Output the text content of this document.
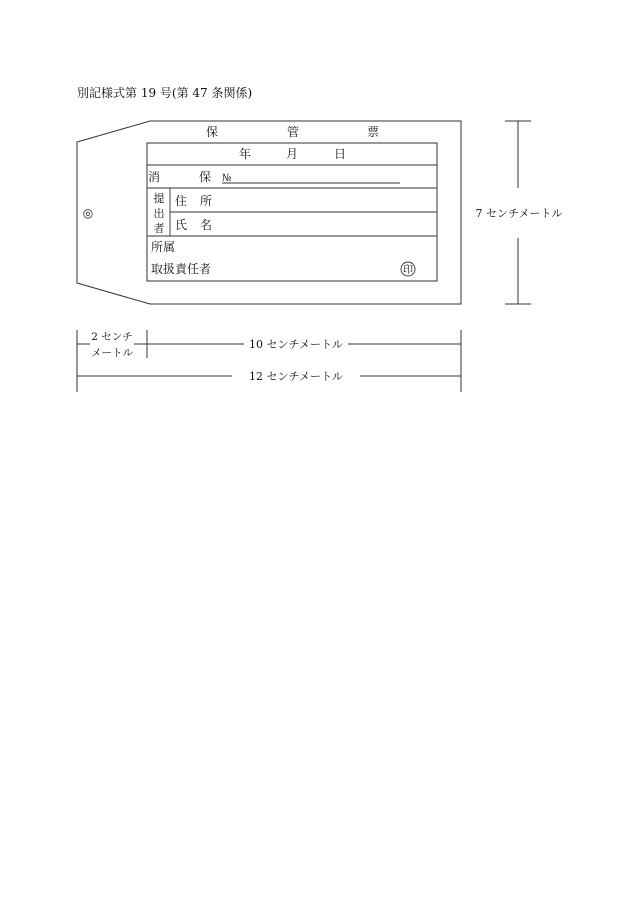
別記様式第 19 号(第 47 条関係)
◎
保	管	票
年	月	日
消	保 №
提
出
者
住 所
氏 名
所属
取扱責任者	印
7 センチメートル
2 センチ
メートル
10 センチメートル
12 センチメートル
